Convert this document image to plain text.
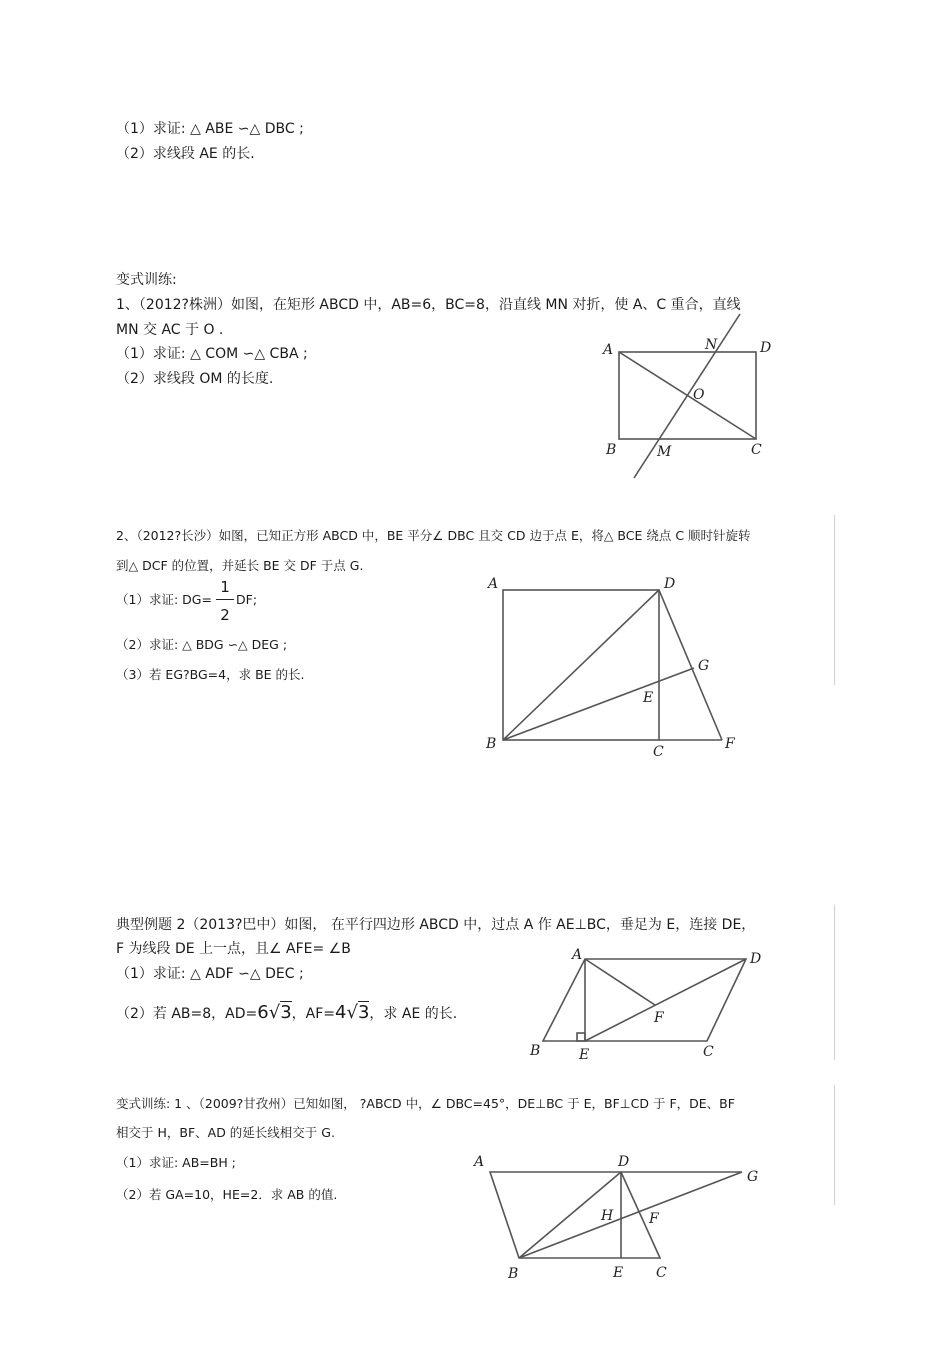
（1）求证: △ ABE ∽△ DBC ;
（2）求线段 AE 的长.
变式训练:
1、（2012?株洲）如图，在矩形 ABCD 中，AB=6，BC=8，沿直线 MN 对折，使 A、C 重合，直线
MN 交 AC 于 O .
（1）求证: △ COM ∽△ CBA ;
（2）求线段 OM 的长度.
2、（2012?长沙）如图，已知正方形 ABCD 中，BE 平分∠ DBC 且交 CD 边于点 E，将△ BCE 绕点 C 顺时针旋转
到△ DCF 的位置，并延长 BE 交 DF 于点 G.
（1）求证: DG=
1
2
DF;
（2）求证: △ BDG ∽△ DEG ;
（3）若 EG?BG=4，求 BE 的长.
典型例题 2（2013?巴中）如图， 在平行四边形 ABCD 中，过点 A 作 AE⊥BC，垂足为 E，连接 DE，
F 为线段 DE 上一点，且∠ AFE= ∠B
（1）求证: △ ADF ∽△ DEC ;
（2）若 AB=8，AD=6√3，AF=4√3，求 AE 的长.
变式训练: 1 、（2009?甘孜州）已知如图， ?ABCD 中，∠ DBC=45°，DE⊥BC 于 E，BF⊥CD 于 F，DE、BF
相交于 H，BF、AD 的延长线相交于 G.
（1）求证: AB=BH ;
（2）若 GA=10，HE=2．求 AB 的值.
A	N	D
O
B	M	C
A	D
G
E
B	C	F
A	D
F
B	E	C
A	D
G
H	F
B	E C
